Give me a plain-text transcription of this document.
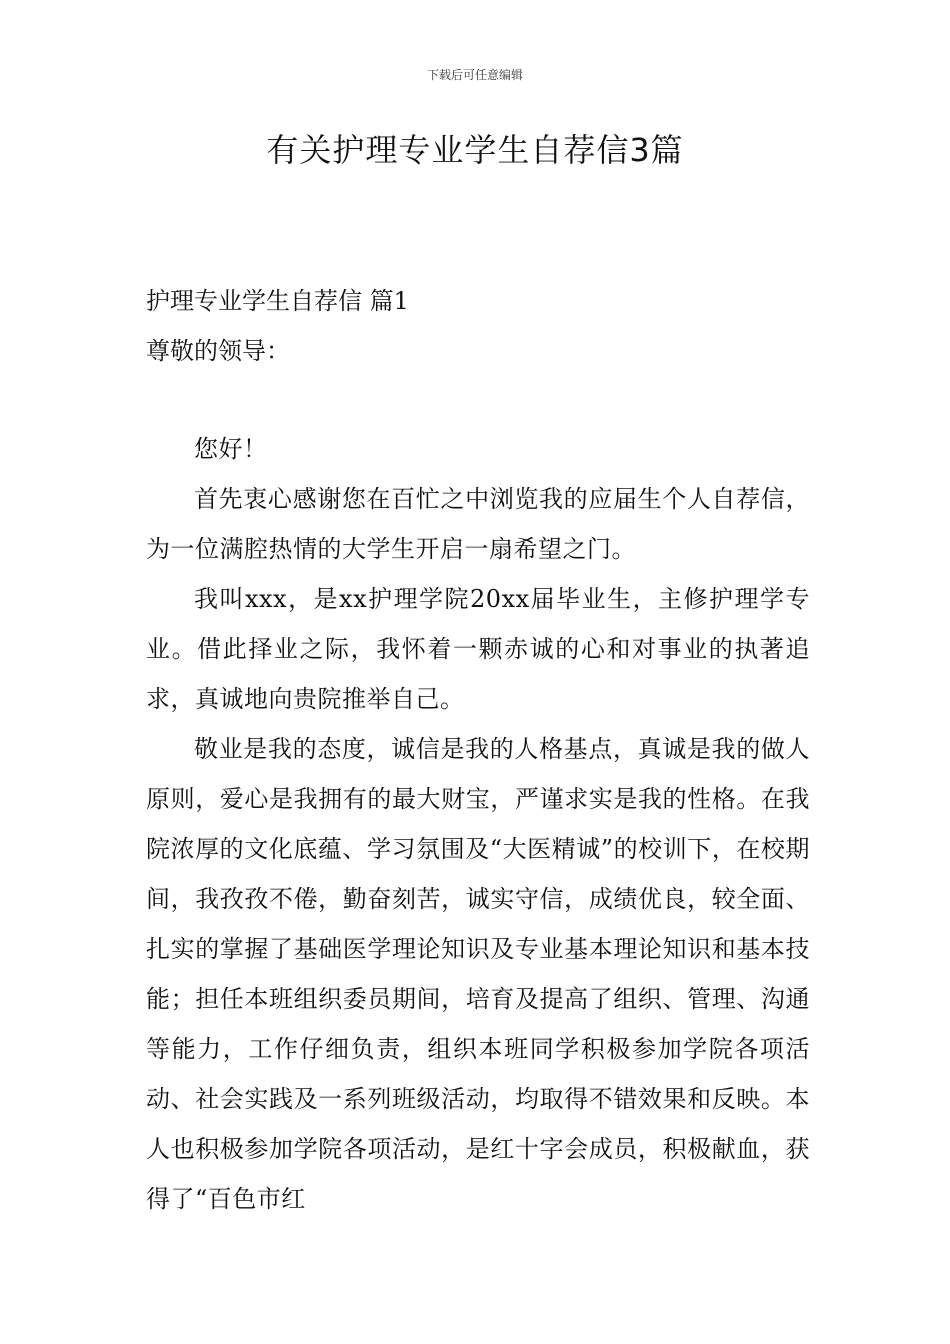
下载后可任意编辑
有关护理专业学生自荐信3篇
护理专业学生自荐信 篇1
尊敬的领导：

您好！

首先衷心感谢您在百忙之中浏览我的应届生个人自荐信，为一位满腔热情的大学生开启一扇希望之门。

我叫xxx，是xx护理学院20xx届毕业生，主修护理学专业。借此择业之际，我怀着一颗赤诚的心和对事业的执著追求，真诚地向贵院推举自己。

敬业是我的态度，诚信是我的人格基点，真诚是我的做人原则，爱心是我拥有的最大财宝，严谨求实是我的性格。在我院浓厚的文化底蕴、学习氛围及“大医精诚”的校训下，在校期间，我孜孜不倦，勤奋刻苦，诚实守信，成绩优良，较全面、扎实的掌握了基础医学理论知识及专业基本理论知识和基本技能；担任本班组织委员期间，培育及提高了组织、管理、沟通等能力，工作仔细负责，组织本班同学积极参加学院各项活动、社会实践及一系列班级活动，均取得不错效果和反映。本人也积极参加学院各项活动，是红十字会成员，积极献血，获得了“百色市红
